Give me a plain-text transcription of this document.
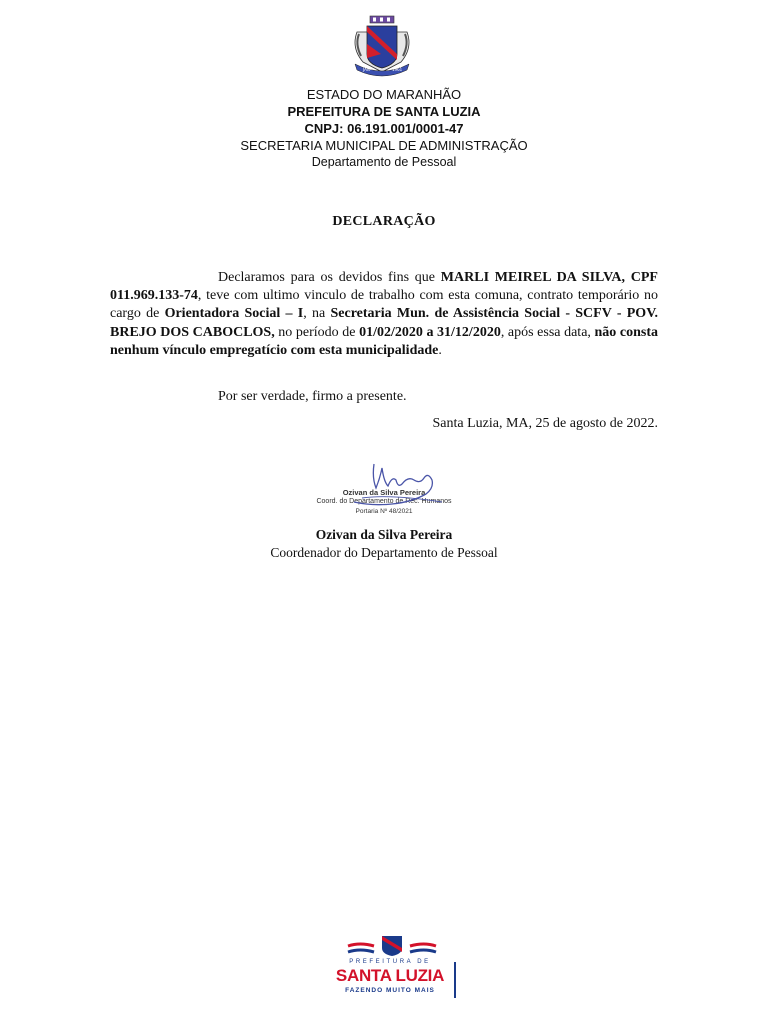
JANº	1961
ESTADO DO MARANHÃO
PREFEITURA DE SANTA LUZIA
CNPJ: 06.191.001/0001-47
SECRETARIA MUNICIPAL DE ADMINISTRAÇÃO
Departamento de Pessoal
DECLARAÇÃO
Declaramos para os devidos fins que MARLI MEIREL DA SILVA, CPF 011.969.133-74, teve com ultimo vinculo de trabalho com esta comuna, contrato temporário no cargo de Orientadora Social – I, na Secretaria Mun. de Assistência Social - SCFV - POV. BREJO DOS CABOCLOS, no período de 01/02/2020 a 31/12/2020, após essa data, não consta nenhum vínculo empregatício com esta municipalidade.
Por ser verdade, firmo a presente.
Santa Luzia, MA, 25 de agosto de 2022.
Ozivan da Silva Pereira
Coord. do Departamento de Rec. Humanos
Portaria Nº 48/2021
Ozivan da Silva Pereira
Coordenador do Departamento de Pessoal
PREFEITURA DE
SANTA LUZIA
FAZENDO MUITO MAIS
